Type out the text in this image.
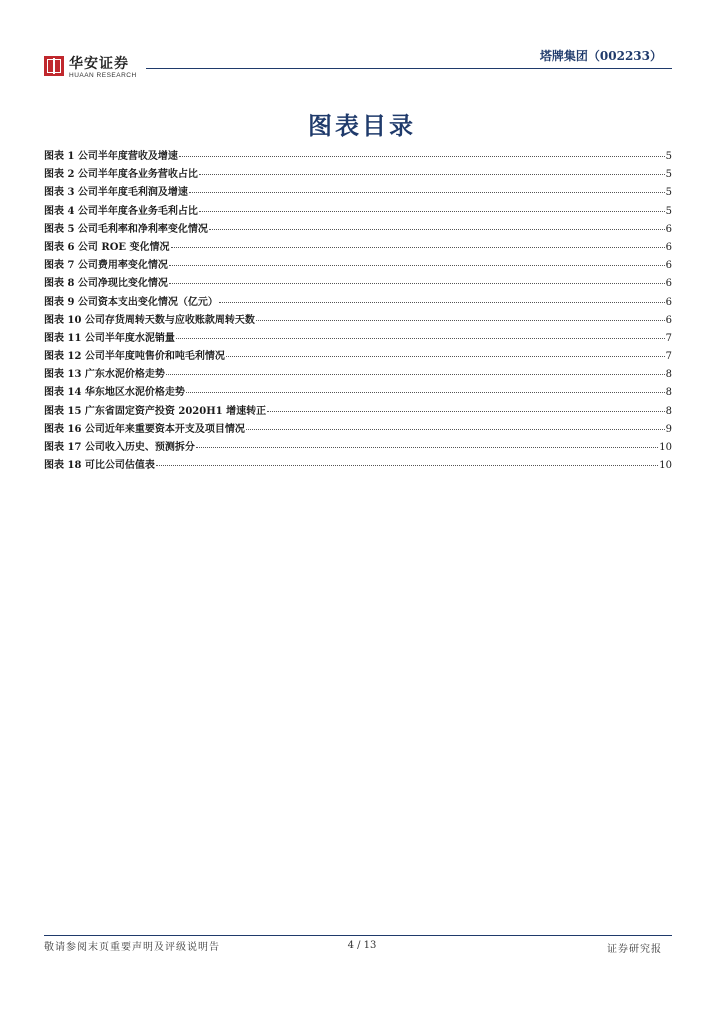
华安证券
HUAAN RESEARCH
塔牌集团（002233）
图表目录
图表 1 公司半年度营收及增速	5
图表 2 公司半年度各业务营收占比	5
图表 3 公司半年度毛利润及增速	5
图表 4 公司半年度各业务毛利占比	5
图表 5 公司毛利率和净利率变化情况	6
图表 6 公司 ROE 变化情况	6
图表 7 公司费用率变化情况	6
图表 8 公司净现比变化情况	6
图表 9 公司资本支出变化情况（亿元）	6
图表 10 公司存货周转天数与应收账款周转天数	6
图表 11 公司半年度水泥销量	7
图表 12 公司半年度吨售价和吨毛利情况	7
图表 13 广东水泥价格走势	8
图表 14 华东地区水泥价格走势	8
图表 15 广东省固定资产投资 2020H1 增速转正	8
图表 16 公司近年来重要资本开支及项目情况	9
图表 17 公司收入历史、预测拆分	10
图表 18 可比公司估值表	10
敬请参阅末页重要声明及评级说明告	4 / 13	证券研究报
